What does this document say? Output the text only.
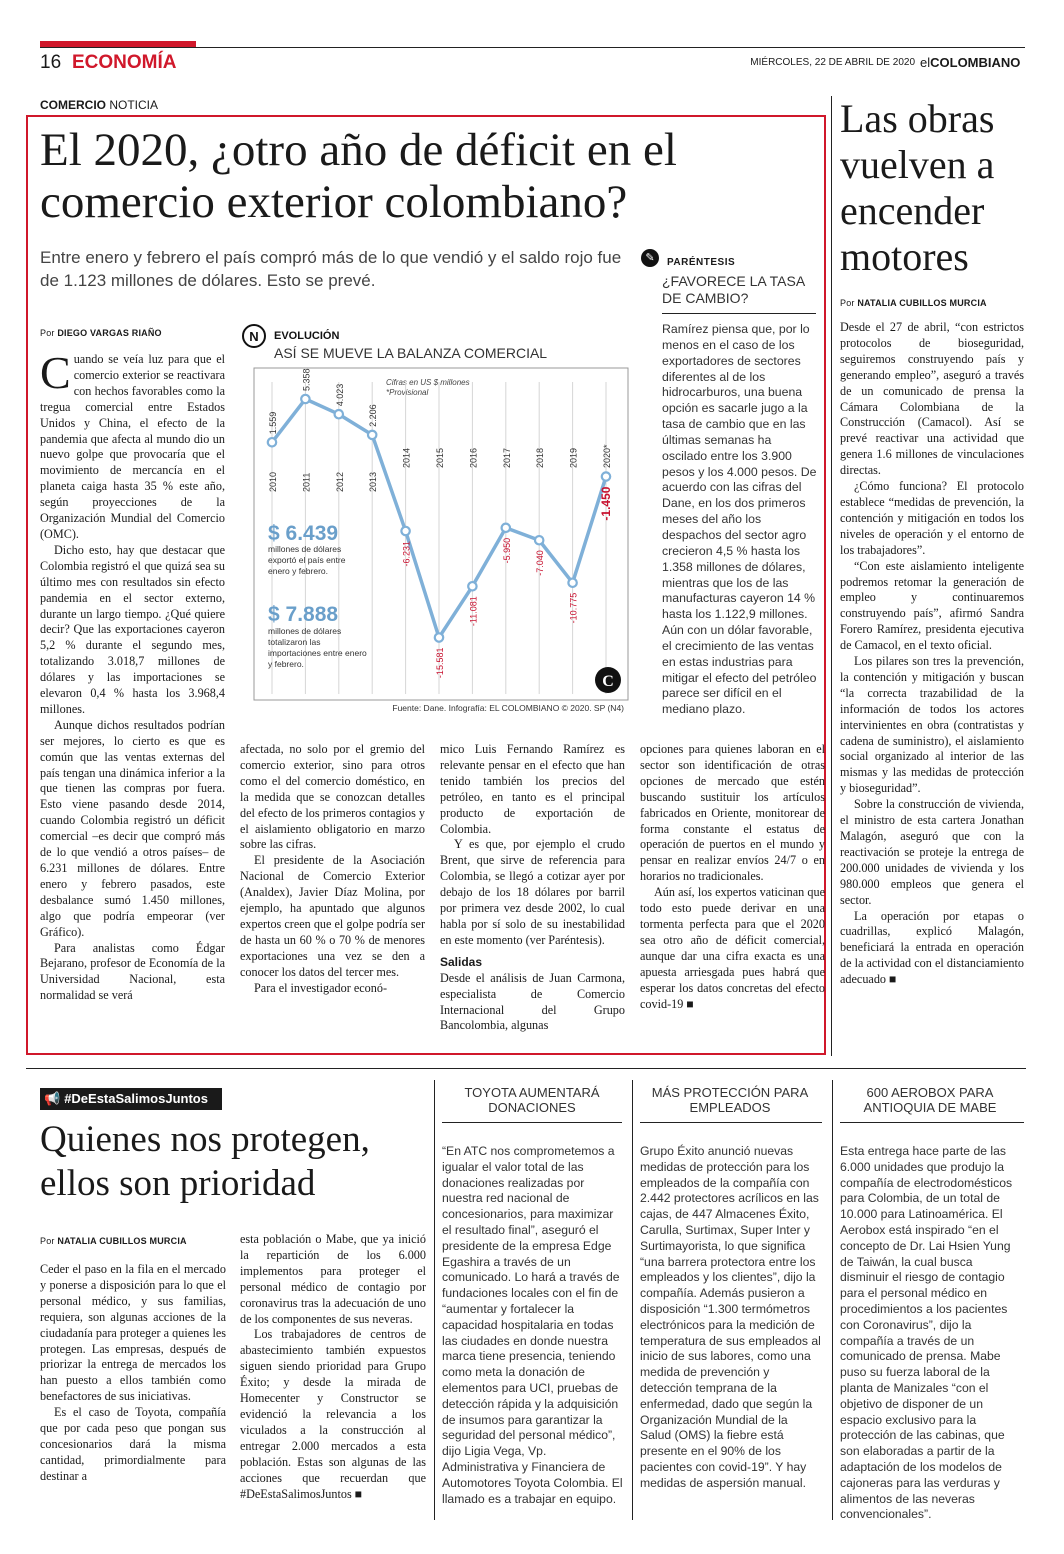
16 ECONOMÍA	MIÉRCOLES, 22 DE ABRIL DE 2020 elCOLOMBIANO
COMERCIO NOTICIA
El 2020, ¿otro año de déficit en el comercio exterior colombiano?
Entre enero y febrero el país compró más de lo que vendió y el saldo rojo fue de 1.123 millones de dólares. Esto se prevé.
Por DIEGO VARGAS RIAÑO
C uando se veía luz para que el comercio exterior se reactivara con hechos favorables como la tregua comercial entre Estados Unidos y China, el efecto de la pandemia que afecta al mundo dio un nuevo golpe que provocaría que el movimiento de mercancía en el planeta caiga hasta 35 % este año, según proyecciones de la Organización Mundial del Comercio (OMC).

Dicho esto, hay que destacar que Colombia registró el que quizá sea su último mes con resultados sin efecto pandemia en el sector externo, durante un largo tiempo. ¿Qué quiere decir? Que las exportaciones cayeron 5,2 % durante el segundo mes, totalizando 3.018,7 millones de dólares y las importaciones se elevaron 0,4 % hasta los 3.968,4 millones.

Aunque dichos resultados podrían ser mejores, lo cierto es que es común que las ventas externas del país tengan una dinámica inferior a la que tienen las compras por fuera. Esto viene pasando desde 2014, cuando Colombia registró un déficit comercial –es decir que compró más de lo que vendió a otros países– de 6.231 millones de dólares. Entre enero y febrero pasados, este desbalance sumó 1.450 millones, algo que podría empeorar (ver Gráfico).

Para analistas como Édgar Bejarano, profesor de Economía de la Universidad Nacional, esta normalidad se verá

afectada, no solo por el gremio del comercio exterior, sino para otros como el del comercio doméstico, en la medida que se conozcan detalles del efecto de los primeros contagios y el aislamiento obligatorio en marzo sobre las cifras.

El presidente de la Asociación Nacional de Comercio Exterior (Analdex), Javier Díaz Molina, por ejemplo, ha apuntado que algunos expertos creen que el golpe podría ser de hasta un 60 % o 70 % de menores exportaciones una vez se den a conocer los datos del tercer mes.

Para el investigador econó-

mico Luis Fernando Ramírez es relevante pensar en el efecto que han tenido también los precios del petróleo, en tanto es el principal producto de exportación de Colombia.

Y es que, por ejemplo el crudo Brent, que sirve de referencia para Colombia, se llegó a cotizar ayer por debajo de los 18 dólares por barril por primera vez desde 2002, lo cual habla por sí solo de su inestabilidad en este momento (ver Paréntesis).

Salidas

Desde el análisis de Juan Carmona, especialista de Comercio Internacional del Grupo Bancolombia, algunas

opciones para quienes laboran en el sector son identificación de otras opciones de mercado que estén buscando sustituir los artículos fabricados en Oriente, monitorear de forma constante el estatus de operación de puertos en el mundo y pensar en realizar envíos 24/7 o en horarios no tradicionales.

Aún así, los expertos vaticinan que todo esto puede derivar en una tormenta perfecta para que el 2020 sea otro año de déficit comercial, aunque dar una cifra exacta es una apuesta arriesgada pues habrá que esperar los datos concretas del efecto covid-19 ■

✎	PARÉNTESIS
¿FAVORECE LA TASA DE CAMBIO?
Ramírez piensa que, por lo menos en el caso de los exportadores de sectores diferentes al de los hidrocarburos, una buena opción es sacarle jugo a la tasa de cambio que en las últimas semanas ha oscilado entre los 3.900 pesos y los 4.000 pesos. De acuerdo con las cifras del Dane, en los dos primeros meses del año los despachos del sector agro crecieron 4,5 % hasta los 1.358 millones de dólares, mientras que los de las manufacturas cayeron 14 % hasta los 1.122,9 millones. Aún con un dólar favorable, el crecimiento de las ventas en estas industrias para mitigar el efecto del petróleo parece ser difícil en el mediano plazo.
N EVOLUCIÓN
ASÍ SE MUEVE LA BALANZA COMERCIAL
Cifras en US $ millones
*Provisional
2010	2011	2012	2013
2014	2015	2016	2017	2018	2019	2020*
1.559
5.358
4.023
2.206
-6.231
-15.581
-11.081
-5.950	-7.040
-10.775
-1.450
$ 6.439
$ 7.888
C
Fuente: Dane. Infografía: EL COLOMBIANO © 2020. SP (N4)
millones de dólares exportó el país entre enero y febrero.
millones de dólares totalizaron las importaciones entre enero y febrero.
Las obras vuelven a encender motores
Por NATALIA CUBILLOS MURCIA

Desde el 27 de abril, “con estrictos protocolos de bioseguridad, seguiremos construyendo país y generando empleo”, aseguró a través de un comunicado de prensa la Cámara Colombiana de la Construcción (Camacol). Así se prevé reactivar una actividad que genera 1.6 millones de vinculaciones directas.

¿Cómo funciona? El protocolo establece “medidas de prevención, la contención y mitigación en todos los niveles de operación y el entorno de los trabajadores”.

“Con este aislamiento inteligente podremos retomar la generación de empleo y continuaremos construyendo país”, afirmó Sandra Forero Ramírez, presidenta ejecutiva de Camacol, en el texto oficial.

Los pilares son tres la prevención, la contención y mitigación y buscan “la correcta trazabilidad de la información de todos los actores intervinientes en obra (contratistas y cadena de suministro), el aislamiento social organizado al interior de las mismas y las medidas de protección y bioseguridad”.

Sobre la construcción de vivienda, el ministro de esta cartera Jonathan Malagón, aseguró que con la reactivación se proteje la entrega de 200.000 unidades de vivienda y los 980.000 empleos que genera el sector.

La operación por etapas o cuadrillas, explicó Malagón, beneficiará la entrada en operación de la actividad con el distanciamiento adecuado ■

📢 #DeEstaSalimosJuntos
Quienes nos protegen, ellos son prioridad
Por NATALIA CUBILLOS MURCIA

Ceder el paso en la fila en el mercado y ponerse a disposición para lo que el personal médico, y sus familias, requiera, son algunas acciones de la ciudadanía para proteger a quienes les protegen. Las empresas, después de priorizar la entrega de mercados los han puesto a ellos también como benefactores de sus iniciativas.

Es el caso de Toyota, compañía que por cada peso que pongan sus concesionarios dará la misma cantidad, primordialmente para destinar a

esta población o Mabe, que ya inició la repartición de los 6.000 implementos para proteger el personal médico de contagio por coronavirus tras la adecuación de uno de los componentes de sus neveras.

Los trabajadores de centros de abastecimiento también expuestos siguen siendo prioridad para Grupo Éxito; y desde la mirada de Homecenter y Constructor se evidenció la relevancia a los viculados a la construcción al entregar 2.000 mercados a esta población. Estas son algunas de las acciones que recuerdan que #DeEstaSalimosJuntos ■

TOYOTA AUMENTARÁ DONACIONES
“En ATC nos comprometemos a igualar el valor total de las donaciones realizadas por nuestra red nacional de concesionarios, para maximizar el resultado final”, aseguró el presidente de la empresa Edge Egashira a través de un comunicado. Lo hará a través de fundaciones locales con el fin de “aumentar y fortalecer la capacidad hospitalaria en todas las ciudades en donde nuestra marca tiene presencia, teniendo como meta la donación de elementos para UCI, pruebas de detección rápida y la adquisición de insumos para garantizar la seguridad del personal médico”, dijo Ligia Vega, Vp. Administrativa y Financiera de Automotores Toyota Colombia. El llamado es a trabajar en equipo.
MÁS PROTECCIÓN PARA EMPLEADOS
Grupo Éxito anunció nuevas medidas de protección para los empleados de la compañía con 2.442 protectores acrílicos en las cajas, de 447 Almacenes Éxito, Carulla, Surtimax, Super Inter y Surtimayorista, lo que significa “una barrera protectora entre los empleados y los clientes”, dijo la compañía. Además pusieron a disposición “1.300 termómetros electrónicos para la medición de temperatura de sus empleados al inicio de sus labores, como una medida de prevención y detección temprana de la enfermedad, dado que según la Organización Mundial de la Salud (OMS) la fiebre está presente en el 90% de los pacientes con covid-19”. Y hay medidas de aspersión manual.
600 AEROBOX PARA ANTIOQUIA DE MABE
Esta entrega hace parte de las 6.000 unidades que produjo la compañía de electrodomésticos para Colombia, de un total de 10.000 para Latinoamérica. El Aerobox está inspirado “en el concepto de Dr. Lai Hsien Yung de Taiwán, la cual busca disminuir el riesgo de contagio para el personal médico en procedimientos a los pacientes con Coronavirus”, dijo la compañía a través de un comunicado de prensa. Mabe puso su fuerza laboral de la planta de Manizales “con el objetivo de disponer de un espacio exclusivo para la protección de las cabinas, que son elaboradas a partir de la adaptación de los modelos de cajoneras para las verduras y alimentos de las neveras convencionales”.
